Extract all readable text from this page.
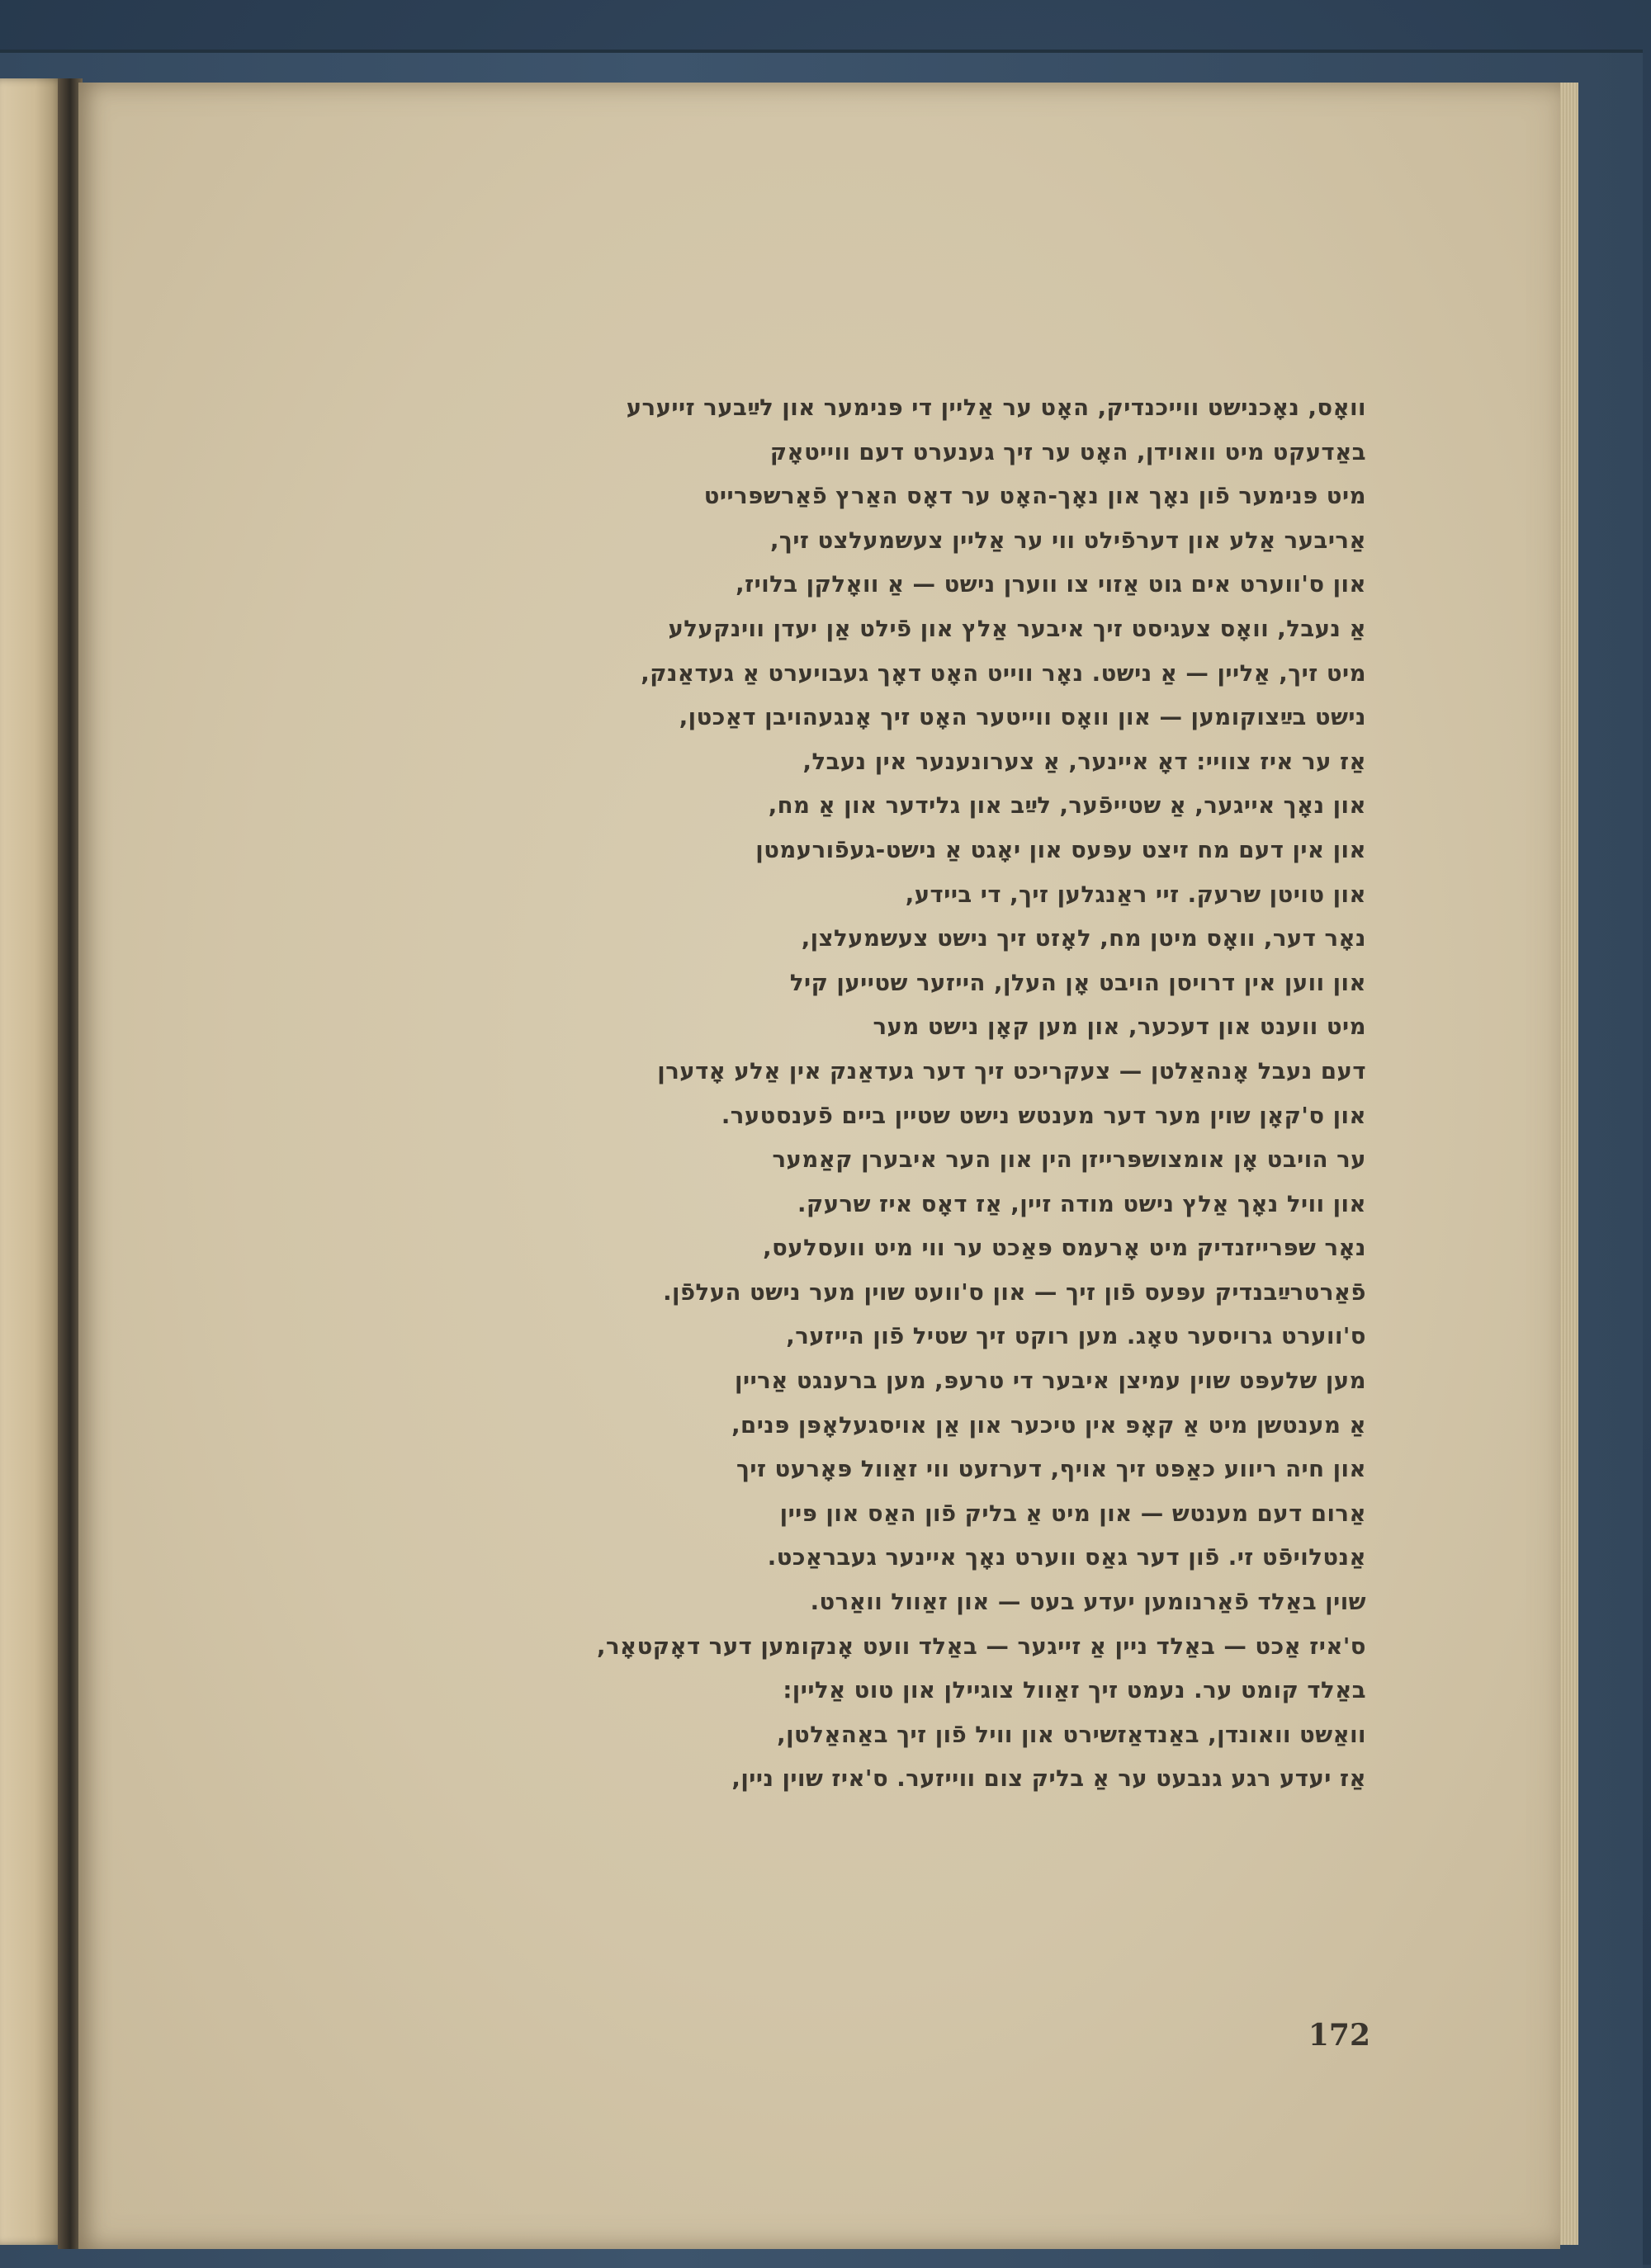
וואָס, נאָכנישט ווייכנדיק, האָט ער אַליין די פּנימער און לײַבער זייערע
באַדעקט מיט וואוידן, האָט ער זיך גענערט דעם ווייטאָק
מיט פּנימער פֿון נאָך און נאָך-האָט ער דאָס האַרץ פֿאַרשפּרייט
אַריבער אַלע און דערפֿילט ווי ער אַליין צעשמעלצט זיך,
און ס'ווערט אים גוט אַזוי צו ווערן נישט — אַ וואָלקן בלויז,
אַ נעבל, וואָס צעגיסט זיך איבער אַלץ און פֿילט אַן יעדן ווינקעלע
מיט זיך, אַליין — אַ נישט. נאָר ווייט האָט דאָך געבויערט אַ געדאַנק,
נישט בײַצוקומען — און וואָס ווייטער האָט זיך אָנגעהויבן דאַכטן,
אַז ער איז צוויי: דאָ איינער, אַ צערונענער אין נעבל,
און נאָך אייגער, אַ שטייפֿער, לײַב און גלידער און אַ מח,
און אין דעם מח זיצט עפּעס און יאָגט אַ נישט-געפֿורעמטן
און טויטן שרעק. זיי ראַנגלען זיך, די ביידע,
נאָר דער, וואָס מיטן מח, לאָזט זיך נישט צעשמעלצן,
און ווען אין דרויסן הויבט אָן העלן, הייזער שטייען קיל
מיט ווענט און דעכער, און מען קאָן נישט מער
דעם נעבל אָנהאַלטן — צעקריכט זיך דער געדאַנק אין אַלע אָדערן
און ס'קאָן שוין מער דער מענטש נישט שטיין ביים פֿענסטער.
ער הויבט אָן אומצושפּרייזן הין און הער איבערן קאַמער
און וויל נאָך אַלץ נישט מודה זיין, אַז דאָס איז שרעק.
נאָר שפּרייזנדיק מיט אָרעמס פּאַכט ער ווי מיט וועסלעס,
פֿאַרטרײַבנדיק עפּעס פֿון זיך — און ס'וועט שוין מער נישט העלפֿן.
ס'ווערט גרויסער טאָג. מען רוקט זיך שטיל פֿון הייזער,
מען שלעפּט שוין עמיצן איבער די טרעפּ, מען ברענגט אַריין
אַ מענטשן מיט אַ קאָפּ אין טיכער און אַן אויסגעלאָפּן פּנים,
און חיה ריווע כאַפּט זיך אויף, דערזעט ווי זאַוול פּאָרעט זיך
אַרום דעם מענטש — און מיט אַ בליק פֿון האַס און פּיין
אַנטלויפֿט זי. פֿון דער גאַס ווערט נאָך איינער געבראַכט.
שוין באַלד פֿאַרנומען יעדע בעט — און זאַוול וואַרט.
ס'איז אַכט — באַלד ניין אַ זייגער — באַלד וועט אָנקומען דער דאָקטאָר,
באַלד קומט ער. נעמט זיך זאַוול צוגיילן און טוט אַליין:
וואַשט וואונדן, באַנדאַזשירט און וויל פֿון זיך באַהאַלטן,
אַז יעדע רגע גנבעט ער אַ בליק צום ווייזער. ס'איז שוין ניין,
172
